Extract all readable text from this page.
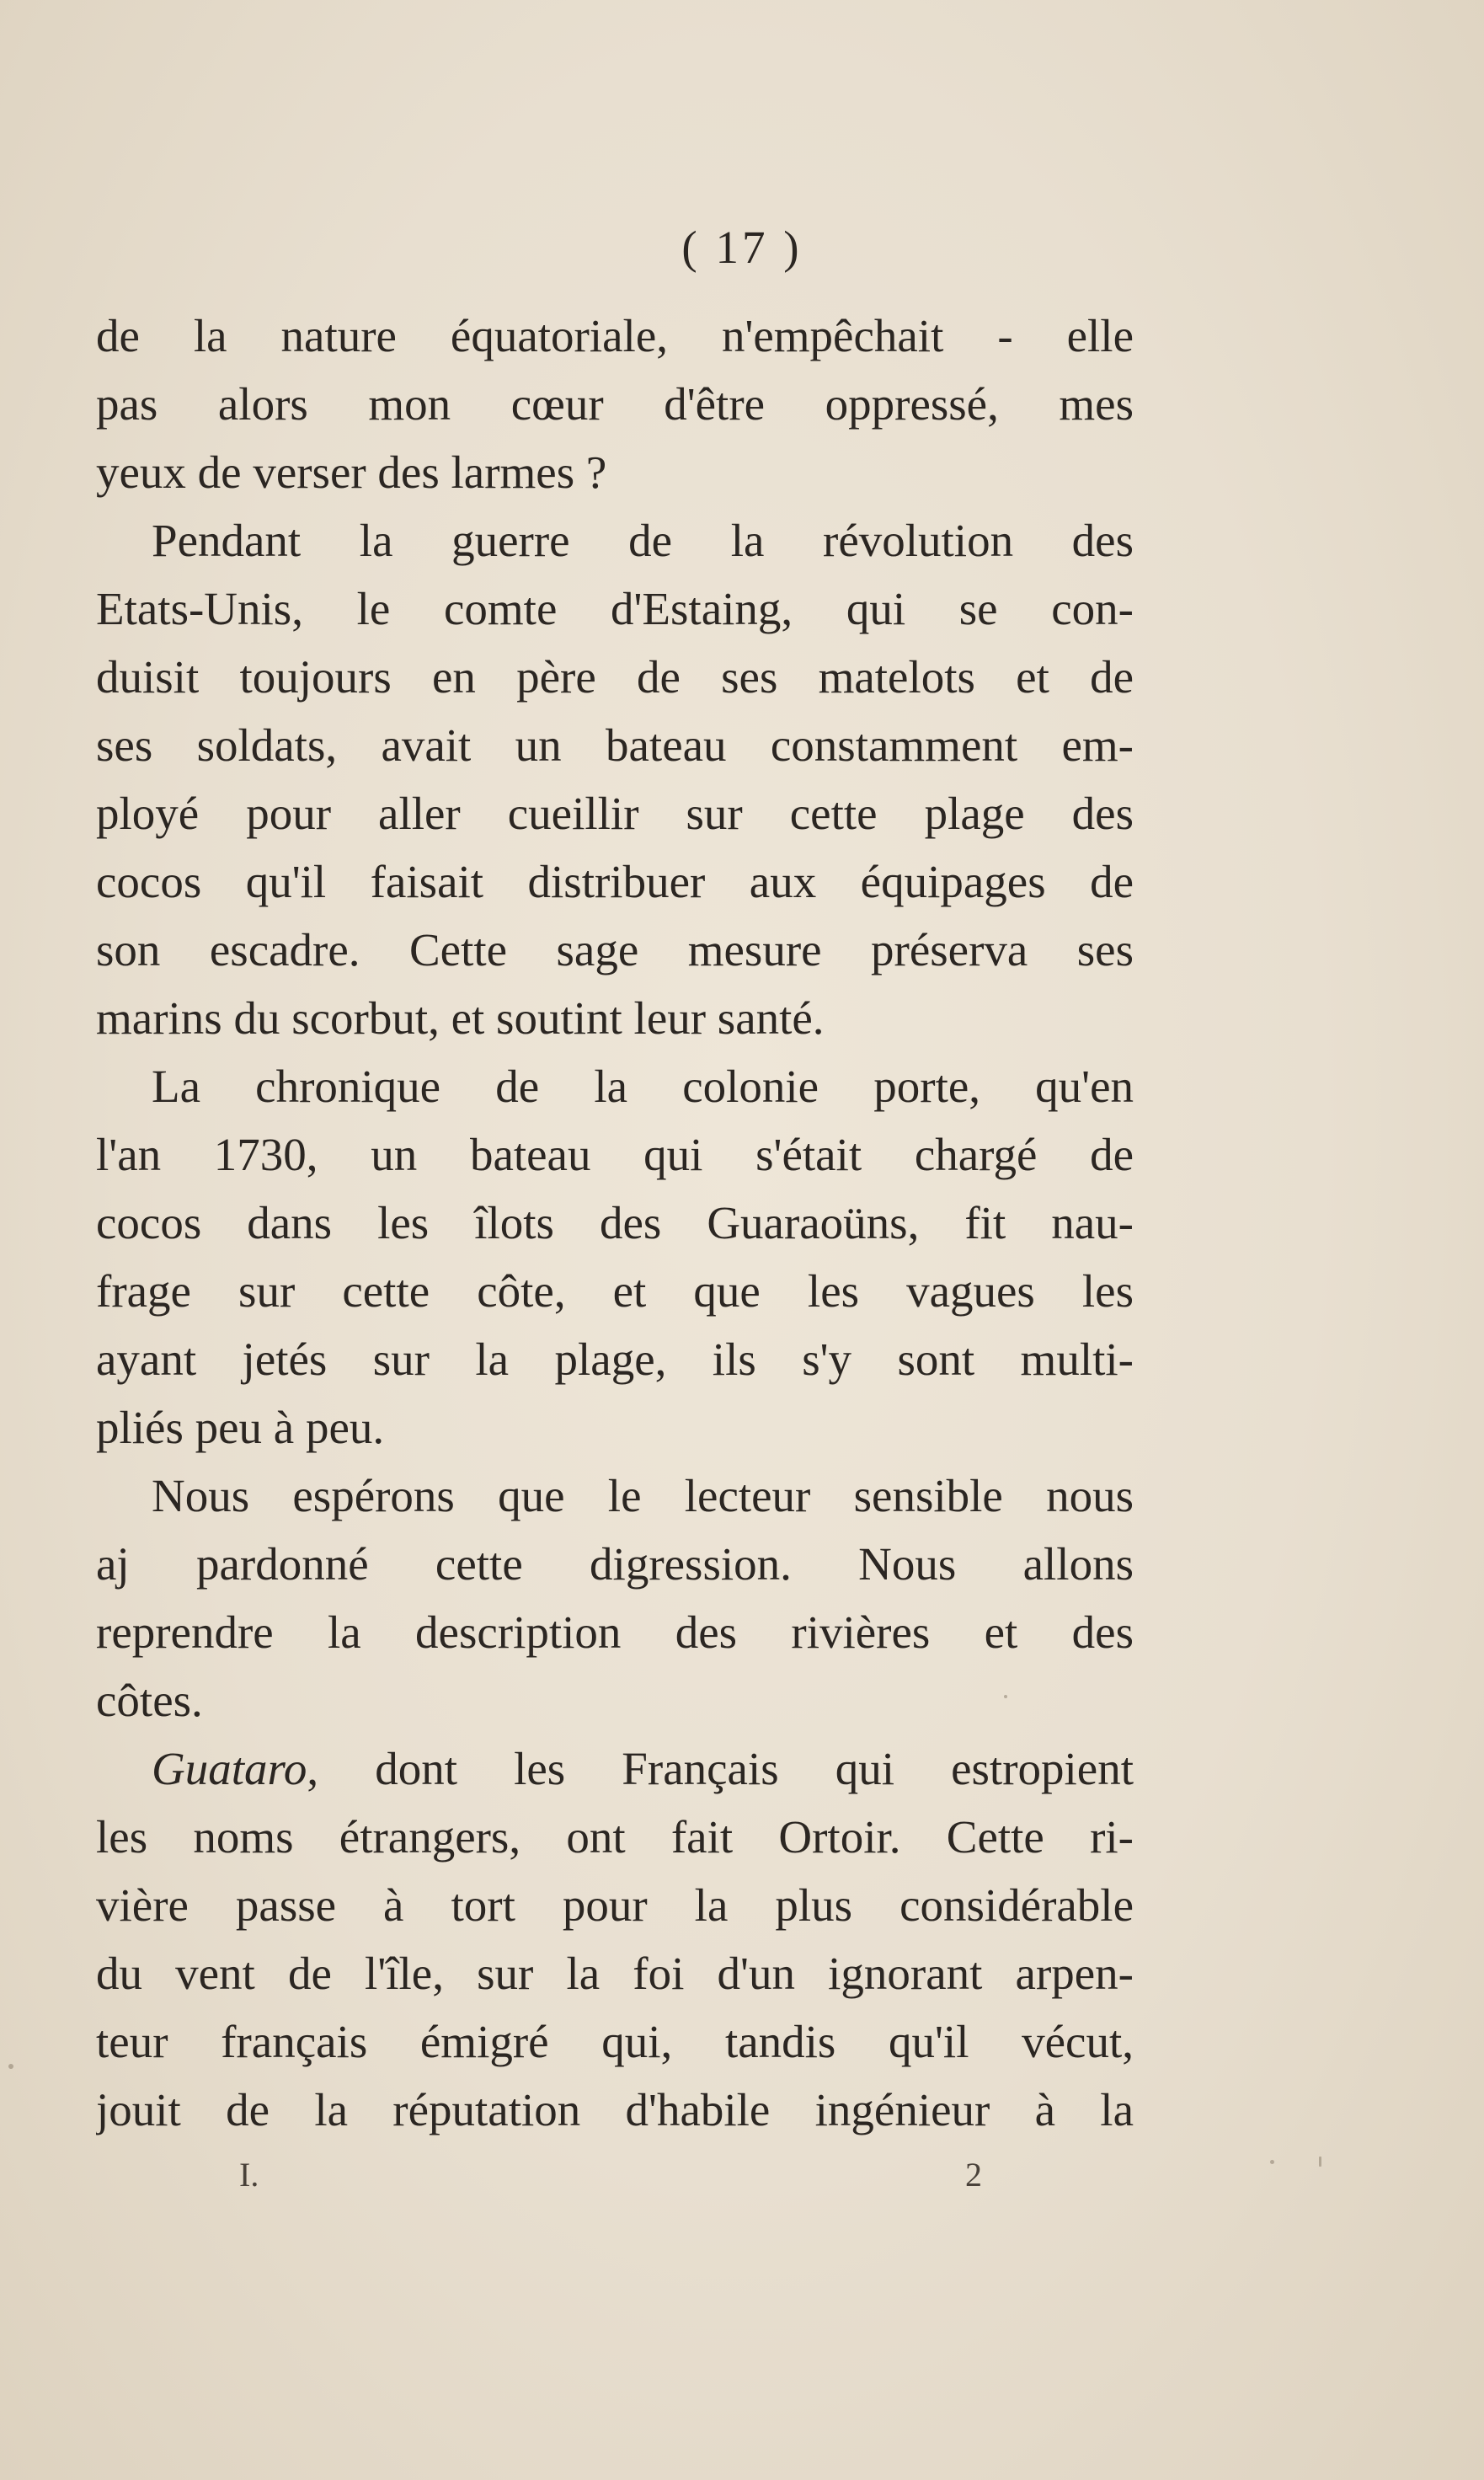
( 17 )
de la nature équatoriale, n'empêchait - elle
pas alors mon cœur d'être oppressé, mes
yeux de verser des larmes ?
Pendant la guerre de la révolution des
Etats-Unis, le comte d'Estaing, qui se con-
duisit toujours en père de ses matelots et de
ses soldats, avait un bateau constamment em-
ployé pour aller cueillir sur cette plage des
cocos qu'il faisait distribuer aux équipages de
son escadre. Cette sage mesure préserva ses
marins du scorbut, et soutint leur santé.
La chronique de la colonie porte, qu'en
l'an 1730, un bateau qui s'était chargé de
cocos dans les îlots des Guaraoüns, fit nau-
frage sur cette côte, et que les vagues les
ayant jetés sur la plage, ils s'y sont multi-
pliés peu à peu.
Nous espérons que le lecteur sensible nous
aj pardonné cette digression. Nous allons
reprendre la description des rivières et des
côtes.
Guataro, dont les Français qui estropient
les noms étrangers, ont fait Ortoir. Cette ri-
vière passe à tort pour la plus considérable
du vent de l'île, sur la foi d'un ignorant arpen-
teur français émigré qui, tandis qu'il vécut,
jouit de la réputation d'habile ingénieur à la
I.	2
